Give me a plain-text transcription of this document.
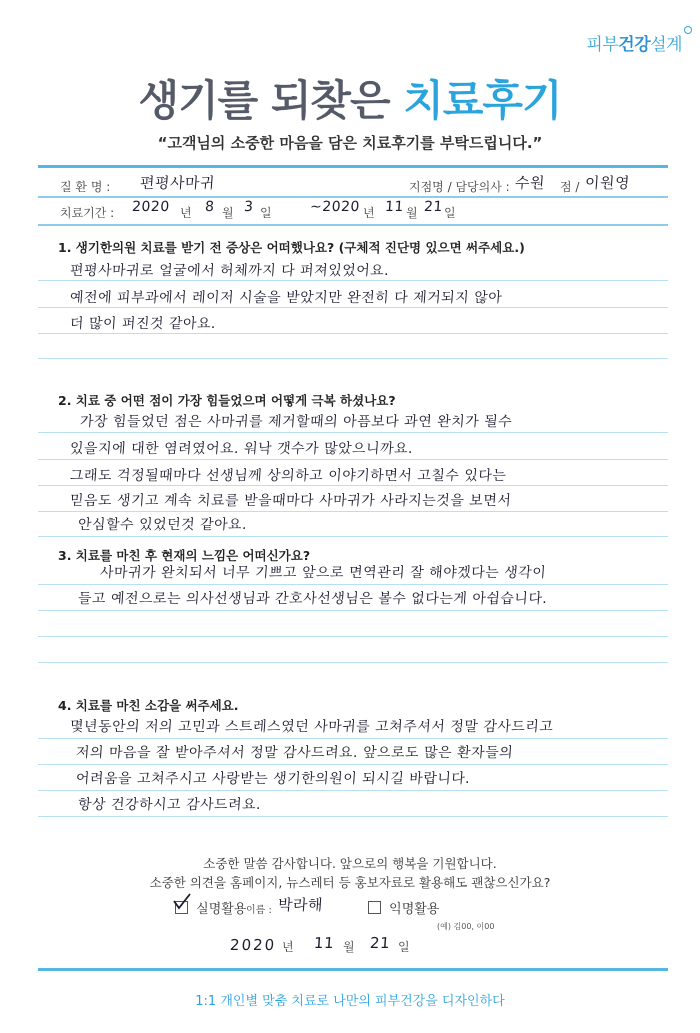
피부건강설계
생기를 되찾은 치료후기
“고객님의 소중한 마음을 담은 치료후기를 부탁드립니다.”
질 환 명 : 편평사마귀	지점명 / 담당의사 : 수원 점 / 이원영
치료기간 : 2020 년 8 월 3 일	~2020 년 11 월 21 일
1. 생기한의원 치료를 받기 전 증상은 어떠했나요? (구체적 진단명 있으면 써주세요.)
편평사마귀로 얼굴에서 허체까지 다 퍼져있었어요.
예전에 피부과에서 레이저 시술을 받았지만 완전히 다 제거되지 않아
더 많이 퍼진것 같아요.
2. 치료 중 어떤 점이 가장 힘들었으며 어떻게 극복 하셨나요?
가장 힘들었던 점은 사마귀를 제거할때의 아픔보다 과연 완치가 될수
있을지에 대한 염려였어요. 워낙 갯수가 많았으니까요.
그래도 걱정될때마다 선생님께 상의하고 이야기하면서 고칠수 있다는
믿음도 생기고 계속 치료를 받을때마다 사마귀가 사라지는것을 보면서
안심할수 있었던것 같아요.
3. 치료를 마친 후 현재의 느낌은 어떠신가요?
사마귀가 완치되서 너무 기쁘고 앞으로 면역관리 잘 해야겠다는 생각이
들고 예전으로는 의사선생님과 간호사선생님은 볼수 없다는게 아쉽습니다.
4. 치료를 마친 소감을 써주세요.
몇년동안의 저의 고민과 스트레스였던 사마귀를 고쳐주셔서 정말 감사드리고
저의 마음을 잘 받아주셔서 정말 감사드려요. 앞으로도 많은 환자들의
어려움을 고쳐주시고 사랑받는 생기한의원이 되시길 바랍니다.
항상 건강하시고 감사드려요.
소중한 말씀 감사합니다. 앞으로의 행복을 기원합니다.
소중한 의견을 홈페이지, 뉴스레터 등 홍보자료로 활용해도 괜찮으신가요?
실명활용 이름 : 박라해	익명활용
(예) 김00, 이00
2020 년 11 월 21 일
1:1 개인별 맞춤 치료로 나만의 피부건강을 디자인하다
